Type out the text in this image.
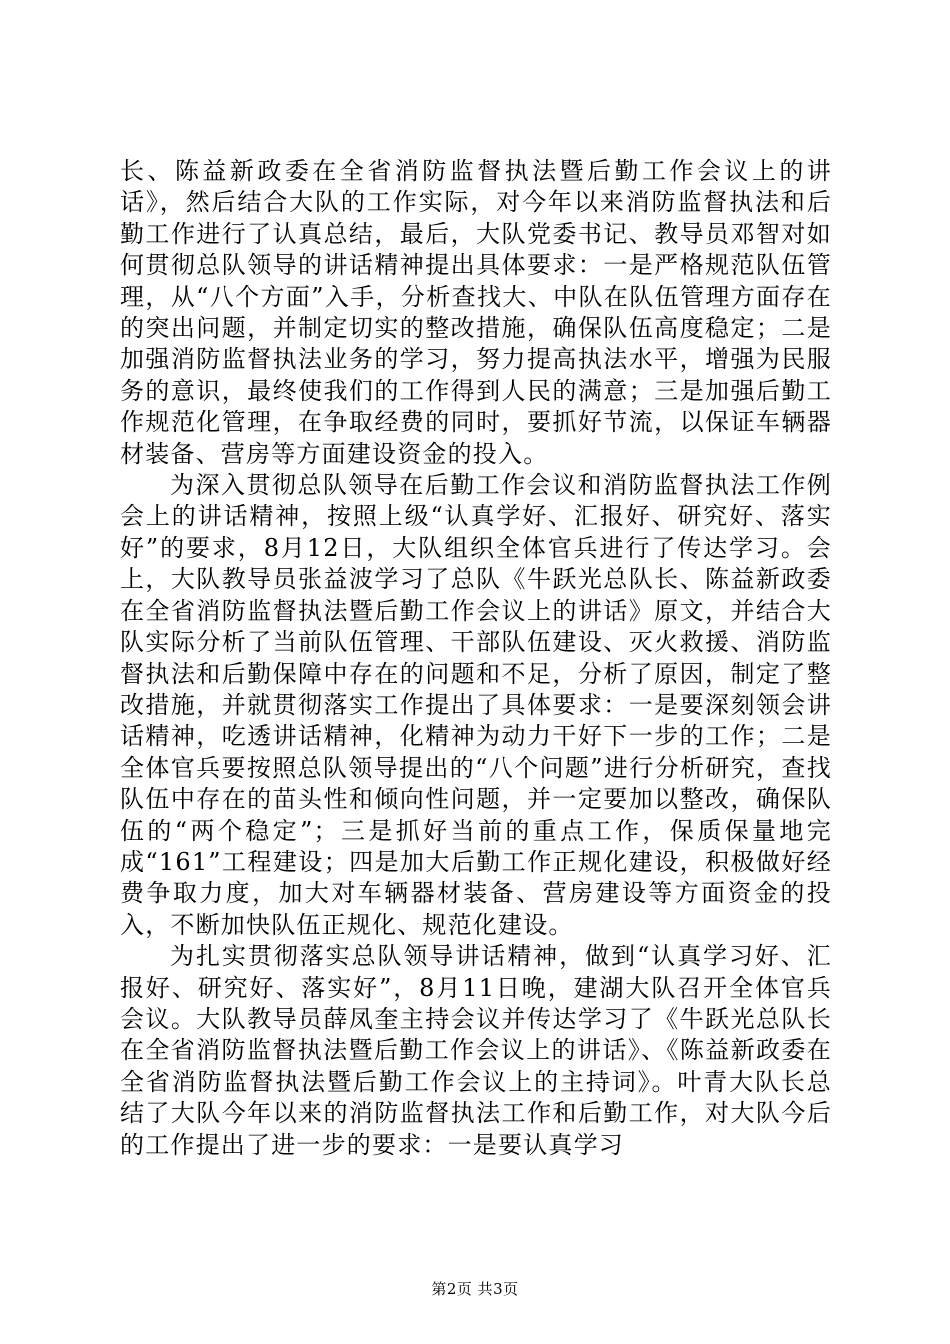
长、陈益新政委在全省消防监督执法暨后勤工作会议上的讲话》，然后结合大队的工作实际，对今年以来消防监督执法和后勤工作进行了认真总结，最后，大队党委书记、教导员邓智对如何贯彻总队领导的讲话精神提出具体要求：一是严格规范队伍管理，从“八个方面”入手，分析查找大、中队在队伍管理方面存在的突出问题，并制定切实的整改措施，确保队伍高度稳定；二是加强消防监督执法业务的学习，努力提高执法水平，增强为民服务的意识，最终使我们的工作得到人民的满意；三是加强后勤工作规范化管理，在争取经费的同时，要抓好节流，以保证车辆器材装备、营房等方面建设资金的投入。

为深入贯彻总队领导在后勤工作会议和消防监督执法工作例会上的讲话精神，按照上级“认真学好、汇报好、研究好、落实好”的要求，8月12日，大队组织全体官兵进行了传达学习。会上，大队教导员张益波学习了总队《牛跃光总队长、陈益新政委在全省消防监督执法暨后勤工作会议上的讲话》原文，并结合大队实际分析了当前队伍管理、干部队伍建设、灭火救援、消防监督执法和后勤保障中存在的问题和不足，分析了原因，制定了整改措施，并就贯彻落实工作提出了具体要求：一是要深刻领会讲话精神，吃透讲话精神，化精神为动力干好下一步的工作；二是全体官兵要按照总队领导提出的“八个问题”进行分析研究，查找队伍中存在的苗头性和倾向性问题，并一定要加以整改，确保队伍的“两个稳定”；三是抓好当前的重点工作，保质保量地完成“161”工程建设；四是加大后勤工作正规化建设，积极做好经费争取力度，加大对车辆器材装备、营房建设等方面资金的投入，不断加快队伍正规化、规范化建设。

为扎实贯彻落实总队领导讲话精神，做到“认真学习好、汇报好、研究好、落实好”，8月11日晚，建湖大队召开全体官兵会议。大队教导员薛凤奎主持会议并传达学习了《牛跃光总队长在全省消防监督执法暨后勤工作会议上的讲话》、《陈益新政委在全省消防监督执法暨后勤工作会议上的主持词》。叶青大队长总结了大队今年以来的消防监督执法工作和后勤工作，对大队今后的工作提出了进一步的要求：一是要认真学习

第2页 共3页
